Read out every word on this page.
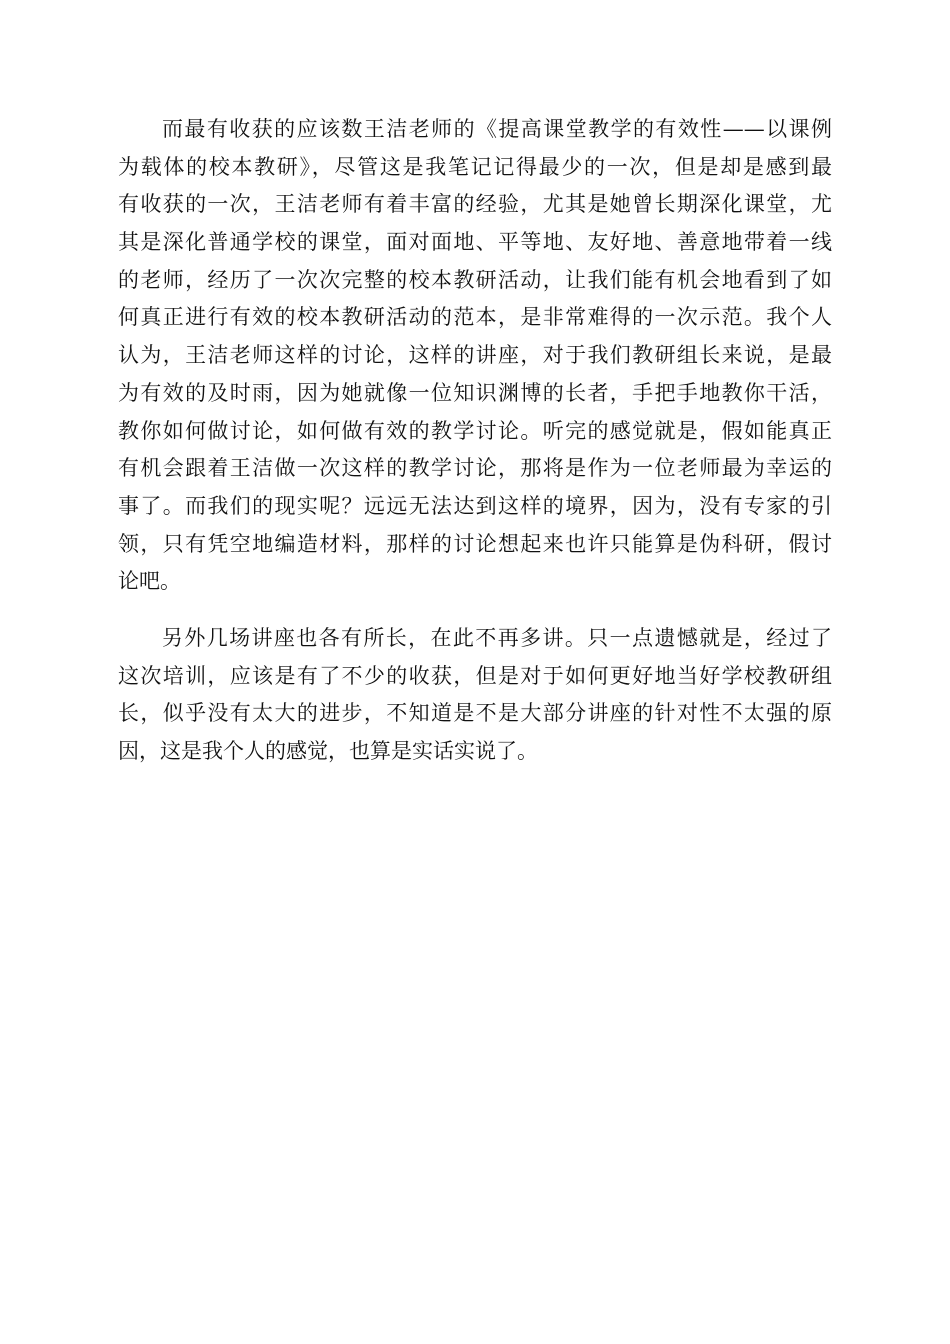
而最有收获的应该数王洁老师的《提高课堂教学的有效性——以课例
为载体的校本教研》，尽管这是我笔记记得最少的一次，但是却是感到最
有收获的一次，王洁老师有着丰富的经验，尤其是她曾长期深化课堂，尤
其是深化普通学校的课堂，面对面地、平等地、友好地、善意地带着一线
的老师，经历了一次次完整的校本教研活动，让我们能有机会地看到了如
何真正进行有效的校本教研活动的范本，是非常难得的一次示范。我个人
认为，王洁老师这样的讨论，这样的讲座，对于我们教研组长来说，是最
为有效的及时雨，因为她就像一位知识渊博的长者，手把手地教你干活，
教你如何做讨论，如何做有效的教学讨论。听完的感觉就是，假如能真正
有机会跟着王洁做一次这样的教学讨论，那将是作为一位老师最为幸运的
事了。而我们的现实呢？远远无法达到这样的境界，因为，没有专家的引
领，只有凭空地编造材料，那样的讨论想起来也许只能算是伪科研，假讨
论吧。
另外几场讲座也各有所长，在此不再多讲。只一点遗憾就是，经过了
这次培训，应该是有了不少的收获，但是对于如何更好地当好学校教研组
长，似乎没有太大的进步，不知道是不是大部分讲座的针对性不太强的原
因，这是我个人的感觉，也算是实话实说了。
